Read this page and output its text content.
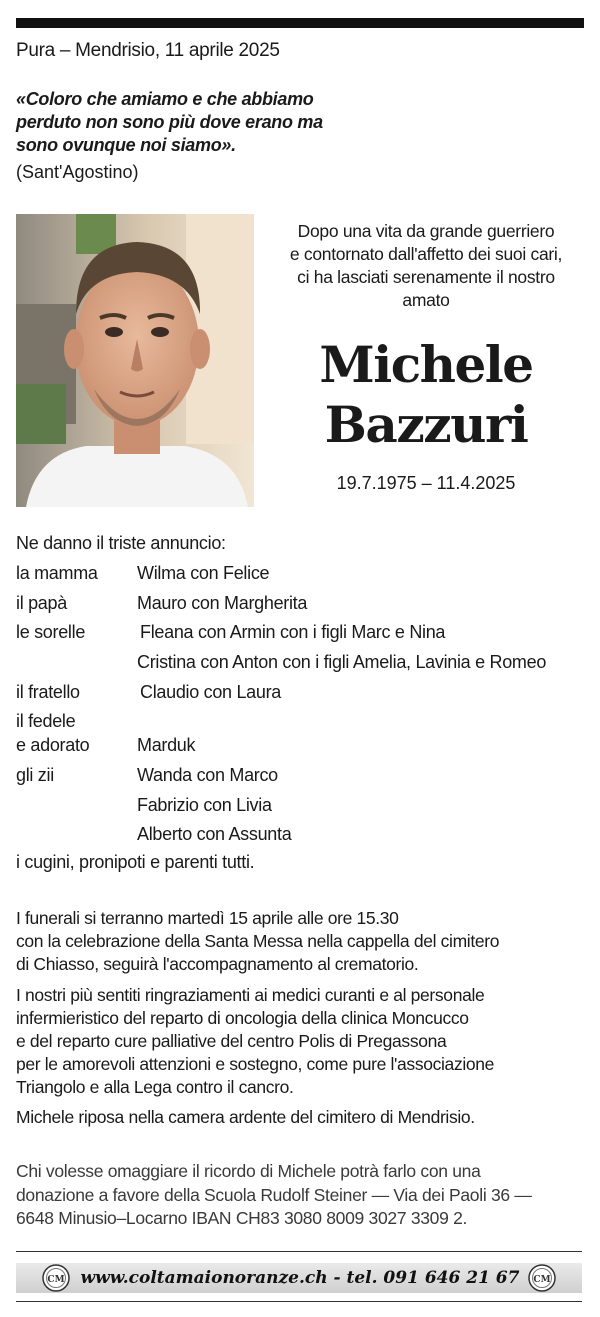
Pura – Mendrisio, 11 aprile 2025
«Coloro che amiamo e che abbiamo
perduto non sono più dove erano ma
sono ovunque noi siamo».
(Sant'Agostino)
Dopo una vita da grande guerriero
e contornato dall'affetto dei suoi cari,
ci ha lasciati serenamente il nostro
amato
Michele
Bazzuri
19.7.1975 – 11.4.2025
Ne danno il triste annuncio:
la mamma Wilma con Felice
il papà	Mauro con Margherita
le sorelle	Fleana con Armin con i figli Marc e Nina
Cristina con Anton con i figli Amelia, Lavinia e Romeo
il fratello	Claudio con Laura
il fedele
e adorato	Marduk
gli zii	Wanda con Marco
Fabrizio con Livia
Alberto con Assunta
i cugini, pronipoti e parenti tutti.
I funerali si terranno martedì 15 aprile alle ore 15.30
con la celebrazione della Santa Messa nella cappella del cimitero
di Chiasso, seguirà l'accompagnamento al crematorio.
I nostri più sentiti ringraziamenti ai medici curanti e al personale
infermieristico del reparto di oncologia della clinica Moncucco
e del reparto cure palliative del centro Polis di Pregassona
per le amorevoli attenzioni e sostegno, come pure l'associazione
Triangolo e alla Lega contro il cancro.
Michele riposa nella camera ardente del cimitero di Mendrisio.
Chi volesse omaggiare il ricordo di Michele potrà farlo con una
donazione a favore della Scuola Rudolf Steiner — Via dei Paoli 36 —
6648 Minusio–Locarno IBAN CH83 3080 8009 3027 3309 2.
CM www.coltamaionoranze.ch - tel. 091 646 21 67	CM
